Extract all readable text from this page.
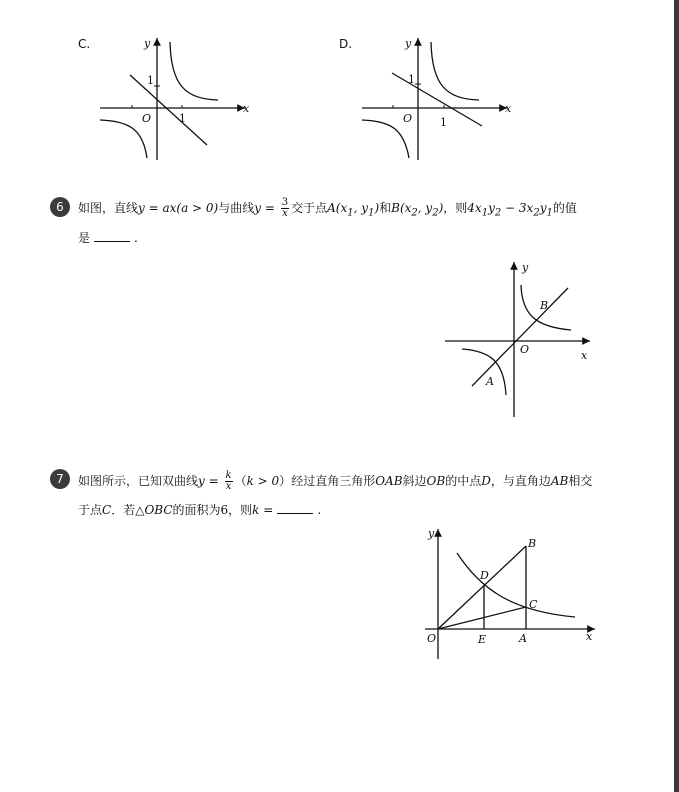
C.	y
x
O
1
1
D.	y
x
O
1
1
6	如图，直线y = ax(a > 0)与曲线$y = \frac{3}{x}$ 交于点$A(x_1$, $y_1$)和$B(x_2$, $y_2$)，则$4x_1y_2 - 3x_2y_1$的值
是	.
y
x
O
B
A
7	如图所示，已知双曲线$y = \frac{k}{x} (k > 0)$经过直角三角形OAB斜边OB的中点D，与直角边AB相交
于点C．若△OBC的面积为6，则k =	.
y
x
O	E	A
B
C
D
